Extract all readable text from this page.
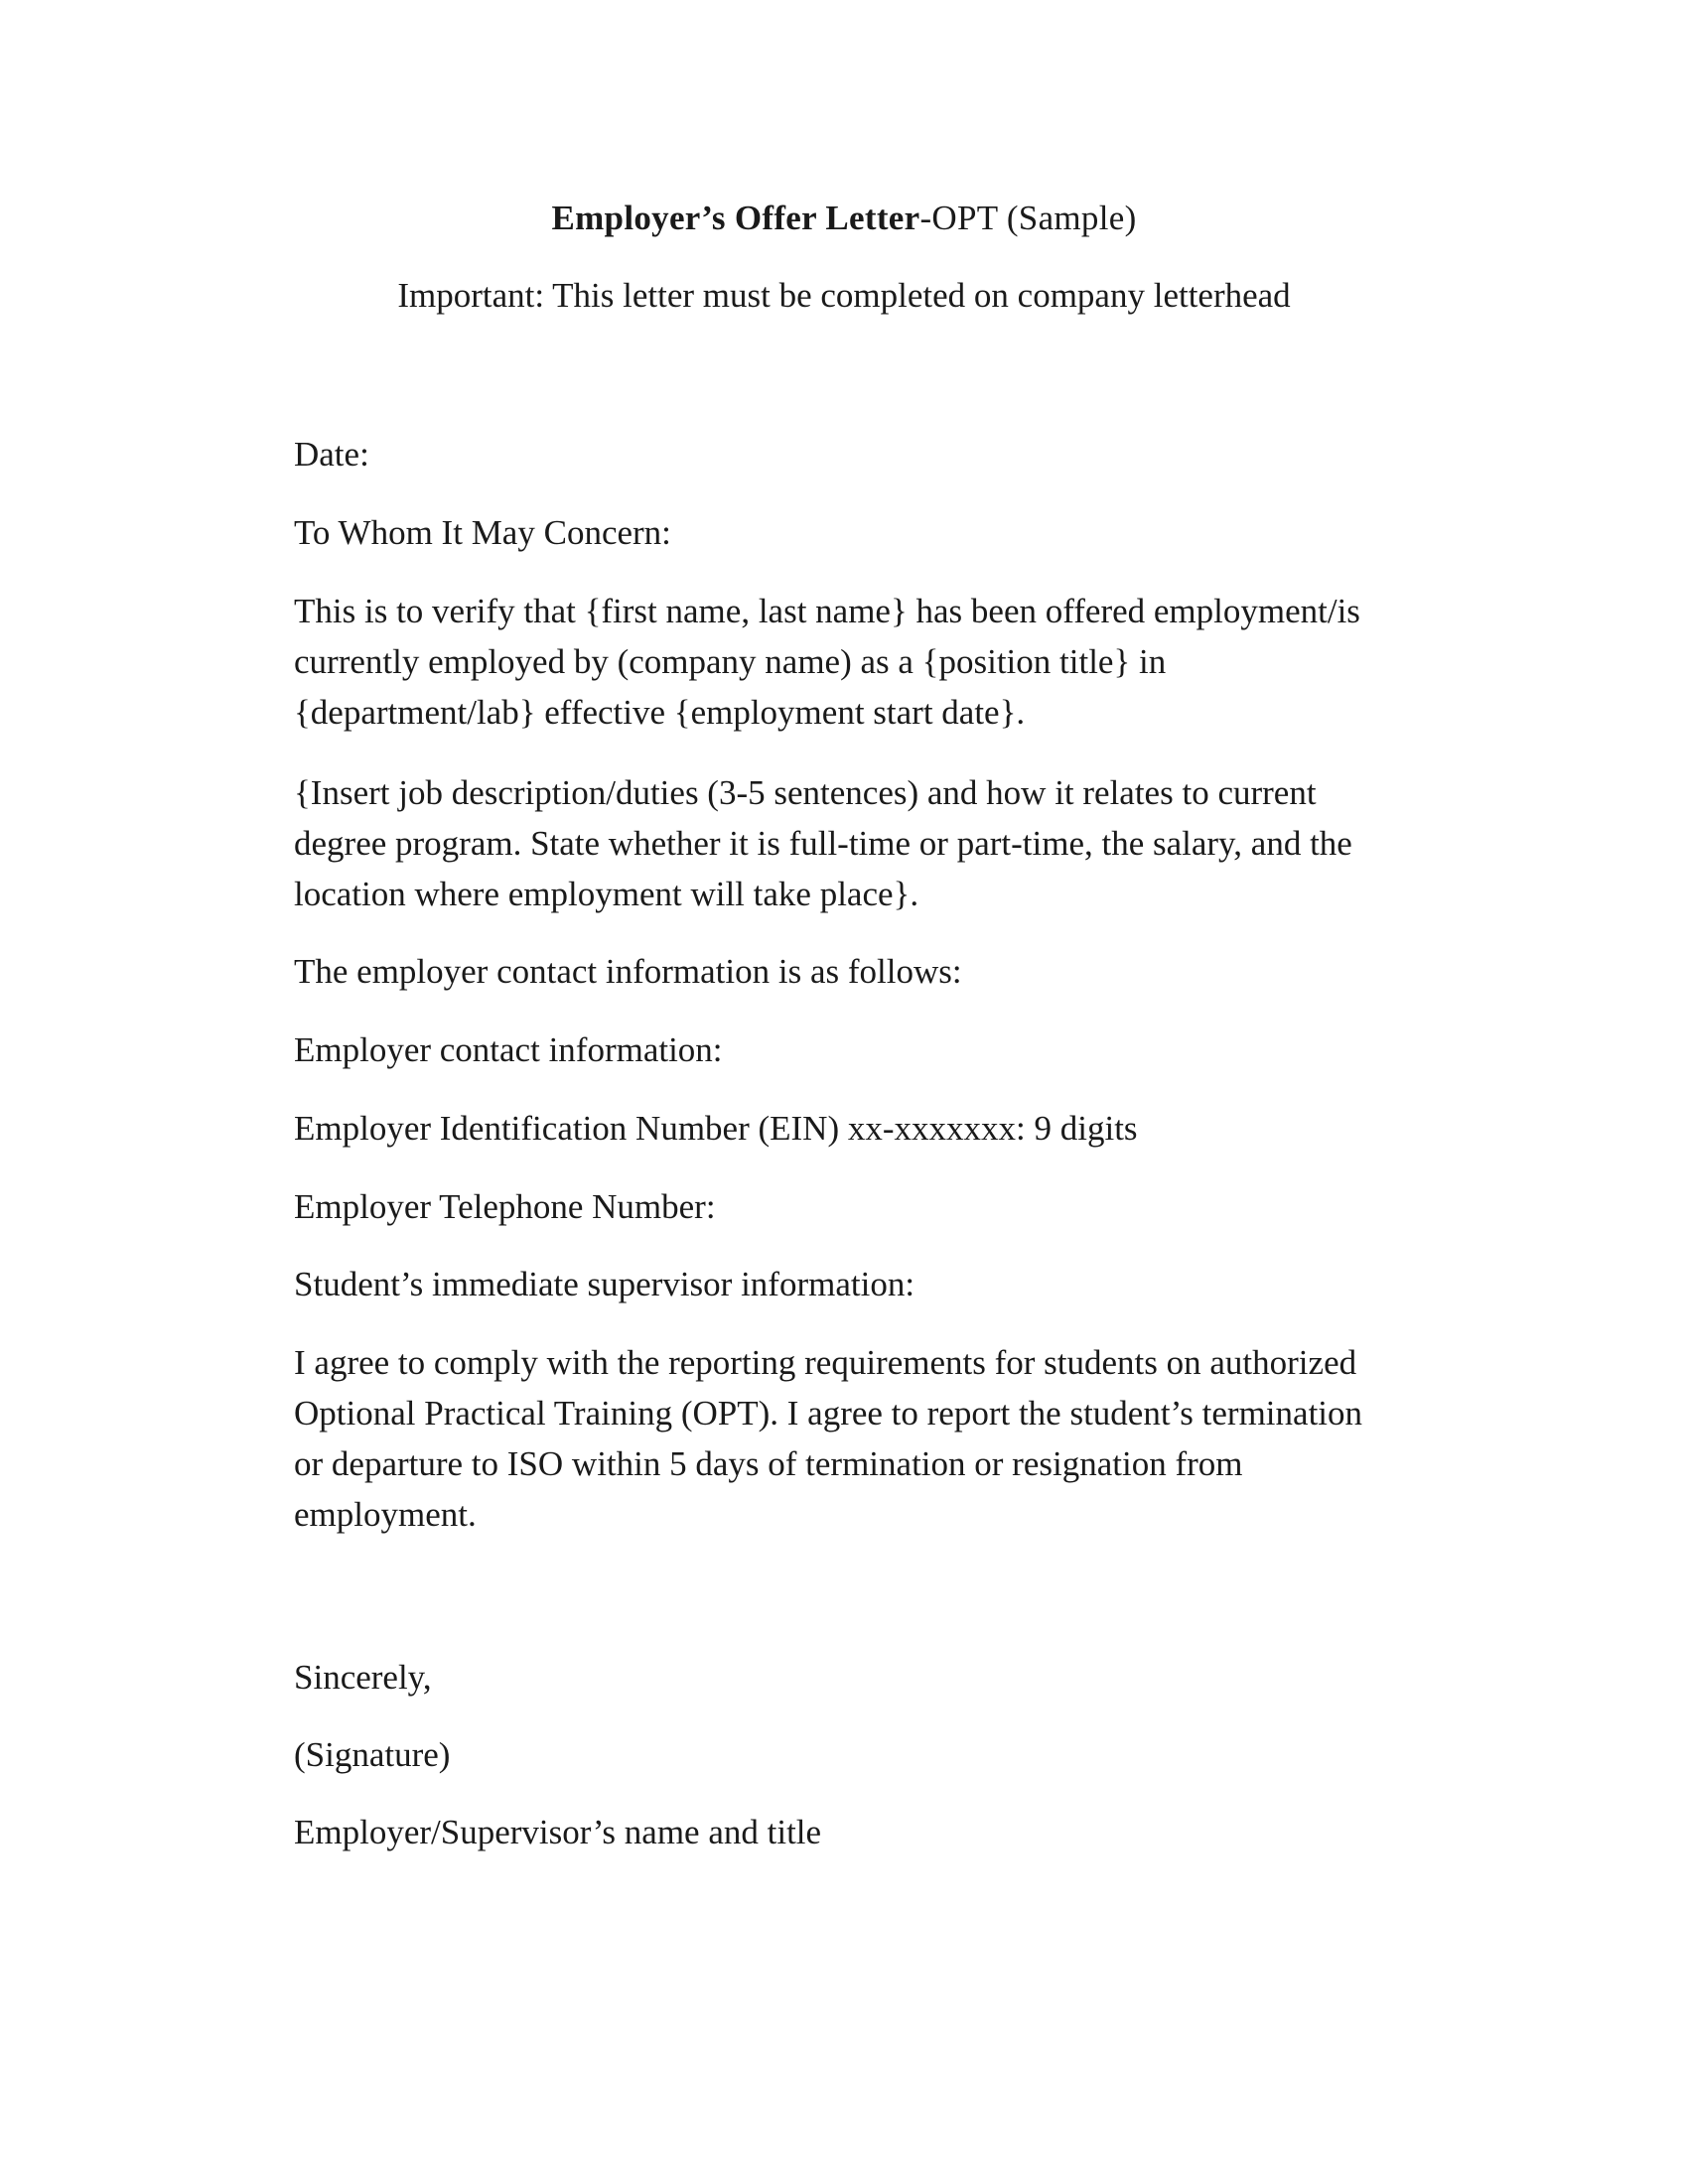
Employer’s Offer Letter-OPT (Sample)
Important: This letter must be completed on company letterhead

Date:

To Whom It May Concern:

This is to verify that {first name, last name} has been offered employment/is
currently employed by (company name) as a {position title} in
{department/lab} effective {employment start date}.
{Insert job description/duties (3-5 sentences) and how it relates to current
degree program. State whether it is full-time or part-time, the salary, and the
location where employment will take place}.

The employer contact information is as follows:

Employer contact information:

Employer Identification Number (EIN) xx-xxxxxxx: 9 digits

Employer Telephone Number:

Student’s immediate supervisor information:

I agree to comply with the reporting requirements for students on authorized
Optional Practical Training (OPT). I agree to report the student’s termination
or departure to ISO within 5 days of termination or resignation from
employment.

Sincerely,

(Signature)

Employer/Supervisor’s name and title
